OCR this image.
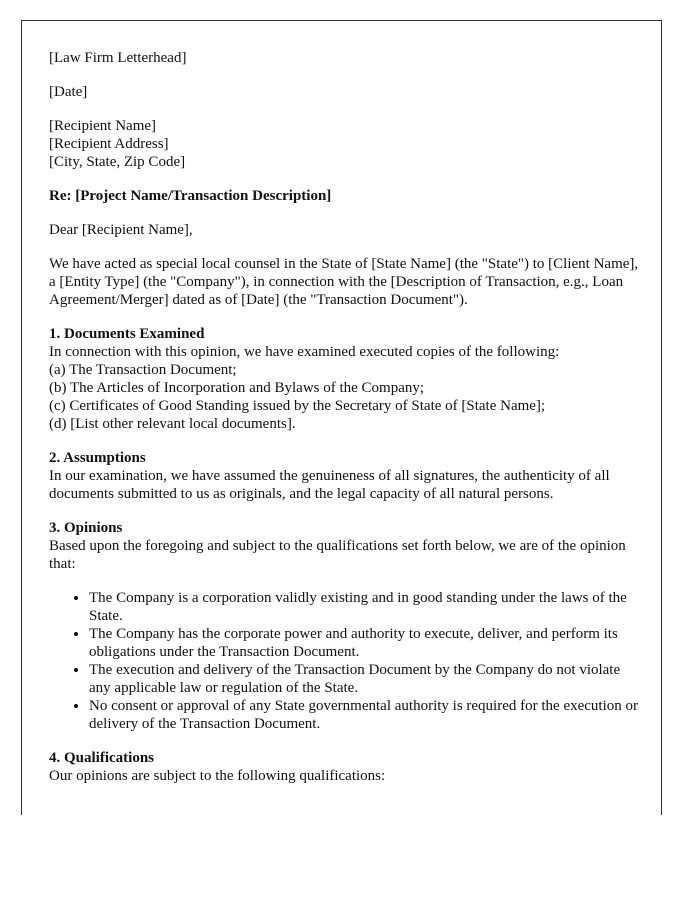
[Law Firm Letterhead]

[Date]

[Recipient Name]
[Recipient Address]
[City, State, Zip Code]

Re: [Project Name/Transaction Description]

Dear [Recipient Name],

We have acted as special local counsel in the State of [State Name] (the "State") to [Client Name], a [Entity Type] (the "Company"), in connection with the [Description of Transaction, e.g., Loan Agreement/Merger] dated as of [Date] (the "Transaction Document").

1. Documents Examined
In connection with this opinion, we have examined executed copies of the following:
(a) The Transaction Document;
(b) The Articles of Incorporation and Bylaws of the Company;
(c) Certificates of Good Standing issued by the Secretary of State of [State Name];
(d) [List other relevant local documents].

2. Assumptions
In our examination, we have assumed the genuineness of all signatures, the authenticity of all documents submitted to us as originals, and the legal capacity of all natural persons.

3. Opinions
Based upon the foregoing and subject to the qualifications set forth below, we are of the opinion that:

• The Company is a corporation validly existing and in good standing under the laws of the State.
• The Company has the corporate power and authority to execute, deliver, and perform its obligations under the Transaction Document.
• The execution and delivery of the Transaction Document by the Company do not violate any applicable law or regulation of the State.
• No consent or approval of any State governmental authority is required for the execution or delivery of the Transaction Document.

4. Qualifications
Our opinions are subject to the following qualifications:
